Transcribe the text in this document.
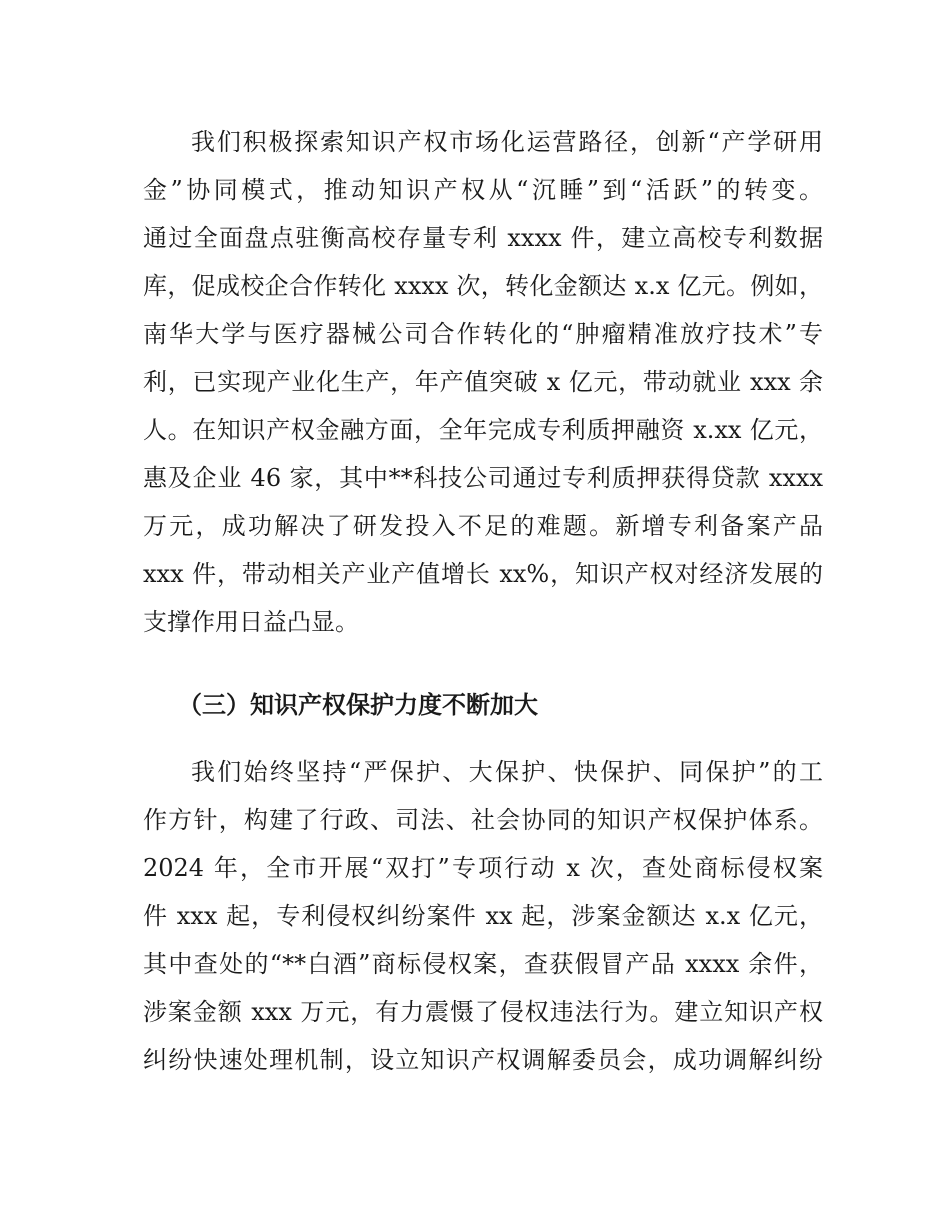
我们积极探索知识产权市场化运营路径，创新“产学研用
金”协同模式，推动知识产权从“沉睡”到“活跃”的转变。
通过全面盘点驻衡高校存量专利 xxxx 件，建立高校专利数据
库，促成校企合作转化 xxxx 次，转化金额达 x.x 亿元。例如，
南华大学与医疗器械公司合作转化的“肿瘤精准放疗技术”专
利，已实现产业化生产，年产值突破 x 亿元，带动就业 xxx 余
人。在知识产权金融方面，全年完成专利质押融资 x.xx 亿元，
惠及企业 46 家，其中**科技公司通过专利质押获得贷款 xxxx
万元，成功解决了研发投入不足的难题。新增专利备案产品
xxx 件，带动相关产业产值增长 xx%，知识产权对经济发展的
支撑作用日益凸显。
（三）知识产权保护力度不断加大
我们始终坚持“严保护、大保护、快保护、同保护”的工
作方针，构建了行政、司法、社会协同的知识产权保护体系。
2024 年，全市开展“双打”专项行动 x 次，查处商标侵权案
件 xxx 起，专利侵权纠纷案件 xx 起，涉案金额达 x.x 亿元，
其中查处的“**白酒”商标侵权案，查获假冒产品 xxxx 余件，
涉案金额 xxx 万元，有力震慑了侵权违法行为。建立知识产权
纠纷快速处理机制，设立知识产权调解委员会，成功调解纠纷
